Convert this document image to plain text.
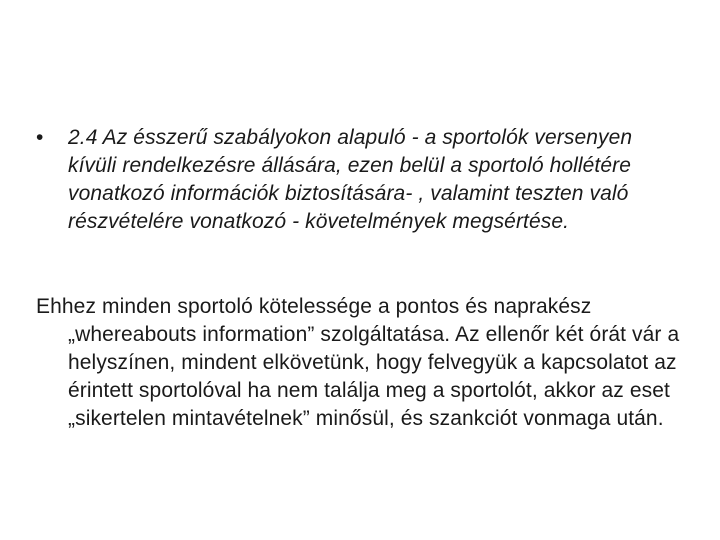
•	2.4 Az ésszerű szabályokon alapuló - a sportolók versenyen kívüli rendelkezésre állására, ezen belül a sportoló hollétére vonatkozó információk biztosítására- , valamint teszten való részvételére vonatkozó - követelmények megsértése.
Ehhez minden sportoló kötelessége a pontos és naprakész „whereabouts information” szolgáltatása. Az ellenőr két órát vár a helyszínen, mindent elkövetünk, hogy felvegyük a kapcsolatot az érintett sportolóval ha nem találja meg a sportolót, akkor az eset „sikertelen mintavételnek” minősül, és szankciót vonmaga után.
